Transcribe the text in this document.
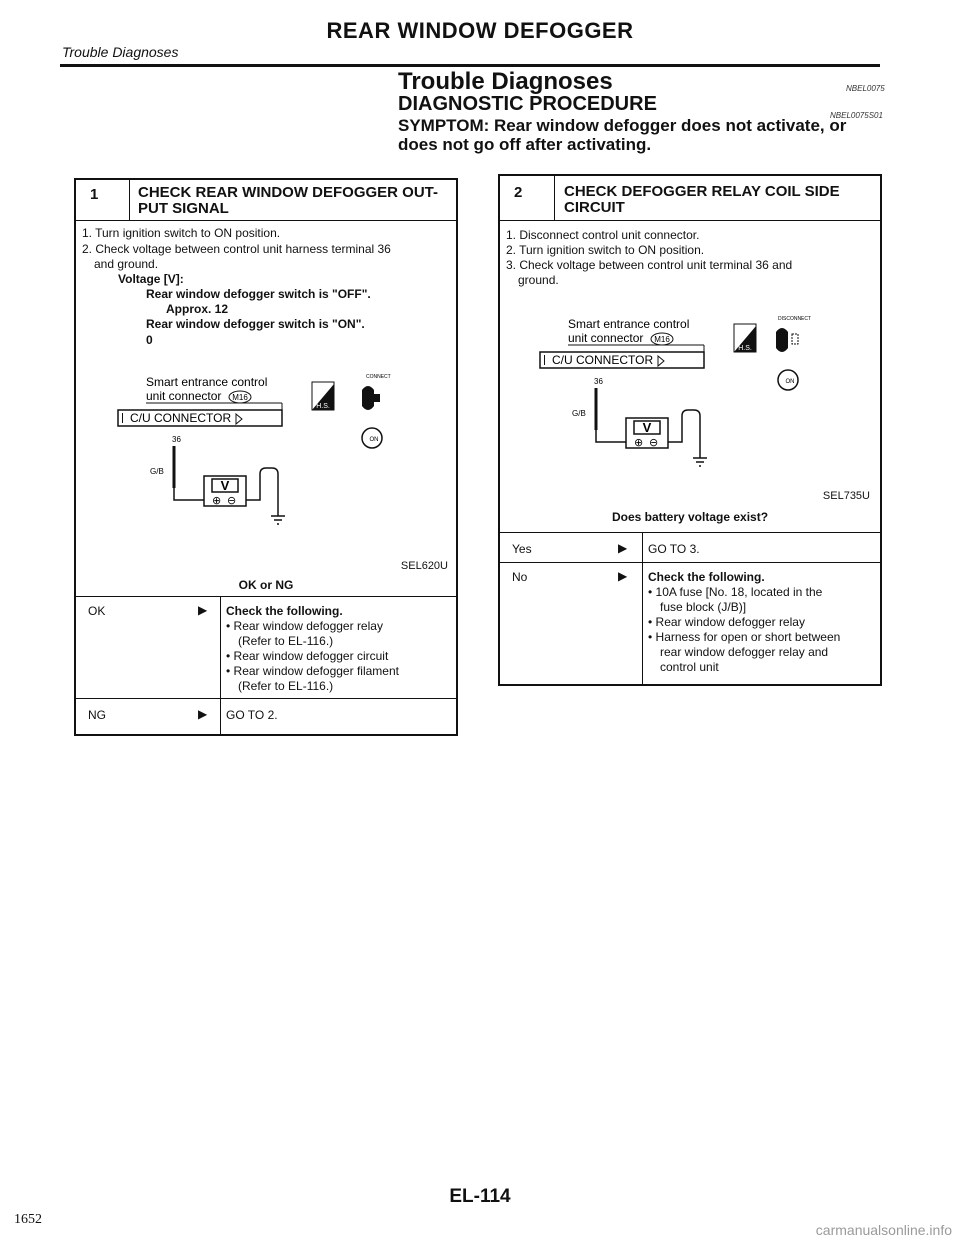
Trouble Diagnoses
REAR WINDOW DEFOGGER
Trouble Diagnoses	NBEL0075
DIAGNOSTIC PROCEDURE
NBEL0075S01
SYMPTOM: Rear window defogger does not activate, or does not go off after activating.
1	CHECK REAR WINDOW DEFOGGER OUT-
PUT SIGNAL
1. Turn ignition switch to ON position.
2. Check voltage between control unit harness terminal 36
and ground.
Voltage [V]:
Rear window defogger switch is "OFF".
Approx. 12
Rear window defogger switch is "ON".
0
Smart entrance control
unit connector M16
C/U CONNECTOR
36
G/B
V
⊕ ⊖
H.S.
CONNECT
ON
SEL620U
OK or NG
OK	▶ Check the following.
• Rear window defogger relay
(Refer to EL-116.)
• Rear window defogger circuit
• Rear window defogger filament
(Refer to EL-116.)
NG	▶ GO TO 2.
2	CHECK DEFOGGER RELAY COIL SIDE
CIRCUIT
1. Disconnect control unit connector.
2. Turn ignition switch to ON position.
3. Check voltage between control unit terminal 36 and
ground.
Smart entrance control
unit connector M16
C/U CONNECTOR
36
G/B
V
⊕ ⊖
H.S.
DISCONNECT
ON
SEL735U
Does battery voltage exist?
Yes	▶ GO TO 3.
No	▶ Check the following.
• 10A fuse [No. 18, located in the
fuse block (J/B)]
• Rear window defogger relay
• Harness for open or short between
rear window defogger relay and
control unit
EL-114
1652
carmanualsonline.info
